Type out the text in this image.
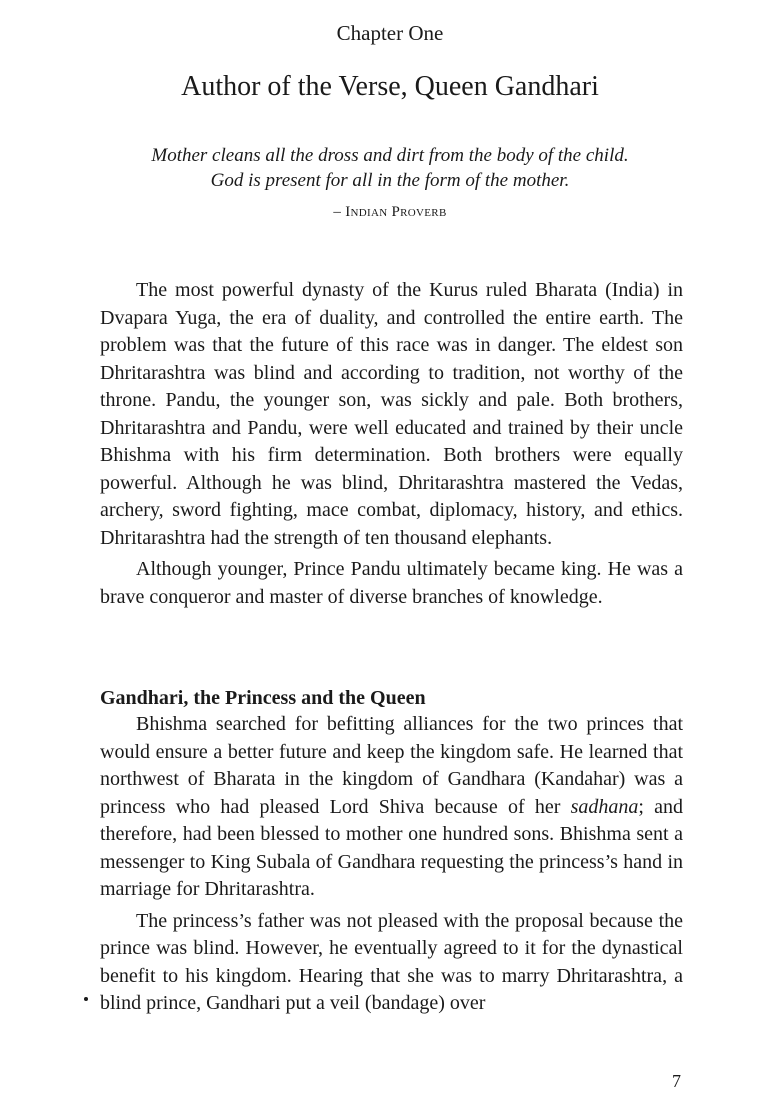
Chapter One
Author of the Verse, Queen Gandhari
Mother cleans all the dross and dirt from the body of the child.
God is present for all in the form of the mother.
– Indian Proverb

The most powerful dynasty of the Kurus ruled Bharata (India) in Dvapara Yuga, the era of duality, and controlled the entire earth. The problem was that the future of this race was in danger. The eldest son Dhritarashtra was blind and according to tradition, not worthy of the throne. Pandu, the younger son, was sickly and pale. Both brothers, Dhritarashtra and Pandu, were well educated and trained by their uncle Bhishma with his firm determination. Both brothers were equally powerful. Although he was blind, Dhritarashtra mastered the Vedas, archery, sword fighting, mace combat, diplomacy, history, and ethics. Dhritarashtra had the strength of ten thousand elephants.

Although younger, Prince Pandu ultimately became king. He was a brave conqueror and master of diverse branches of knowledge.

Gandhari, the Princess and the Queen

Bhishma searched for befitting alliances for the two princes that would ensure a better future and keep the kingdom safe. He learned that northwest of Bharata in the kingdom of Gandhara (Kandahar) was a princess who had pleased Lord Shiva because of her sadhana; and therefore, had been blessed to mother one hundred sons. Bhishma sent a messenger to King Subala of Gandhara requesting the princess’s hand in marriage for Dhritarashtra.

The princess’s father was not pleased with the proposal because the prince was blind. However, he eventually agreed to it for the dynastical benefit to his kingdom. Hearing that she was to marry Dhritarashtra, a blind prince, Gandhari put a veil (bandage) over

7
